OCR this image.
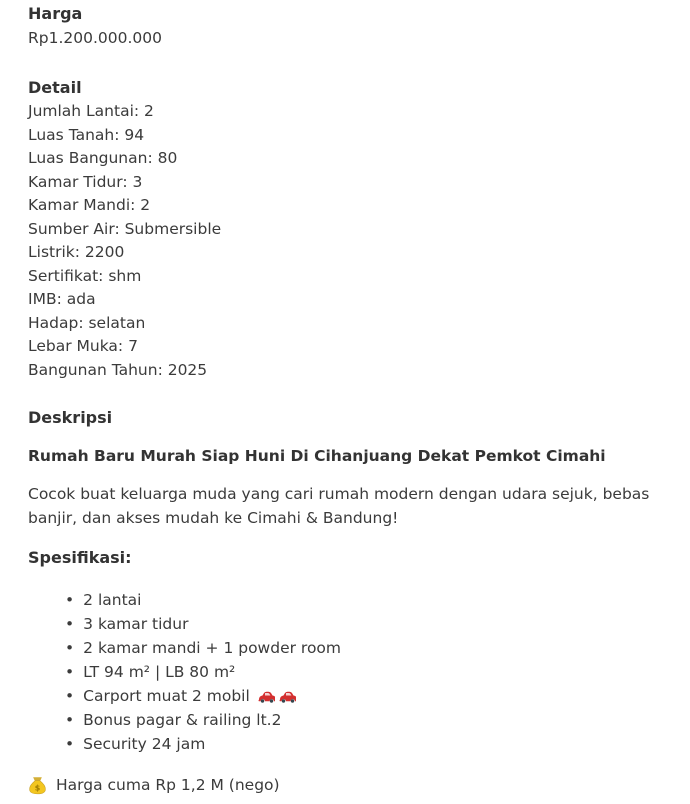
Harga
Rp1.200.000.000
Detail
Jumlah Lantai: 2
Luas Tanah: 94
Luas Bangunan: 80
Kamar Tidur: 3
Kamar Mandi: 2
Sumber Air: Submersible
Listrik: 2200
Sertifikat: shm
IMB: ada
Hadap: selatan
Lebar Muka: 7
Bangunan Tahun: 2025
Deskripsi
Rumah Baru Murah Siap Huni Di Cihanjuang Dekat Pemkot Cimahi
Cocok buat keluarga muda yang cari rumah modern dengan udara sejuk, bebas banjir, dan akses mudah ke Cimahi & Bandung!
Spesifikasi:
• 2 lantai
• 3 kamar tidur
• 2 kamar mandi + 1 powder room
• LT 94 m² | LB 80 m²
• Carport muat 2 mobil
• Bonus pagar & railing lt.2
• Security 24 jam
$ Harga cuma Rp 1,2 M (nego)
